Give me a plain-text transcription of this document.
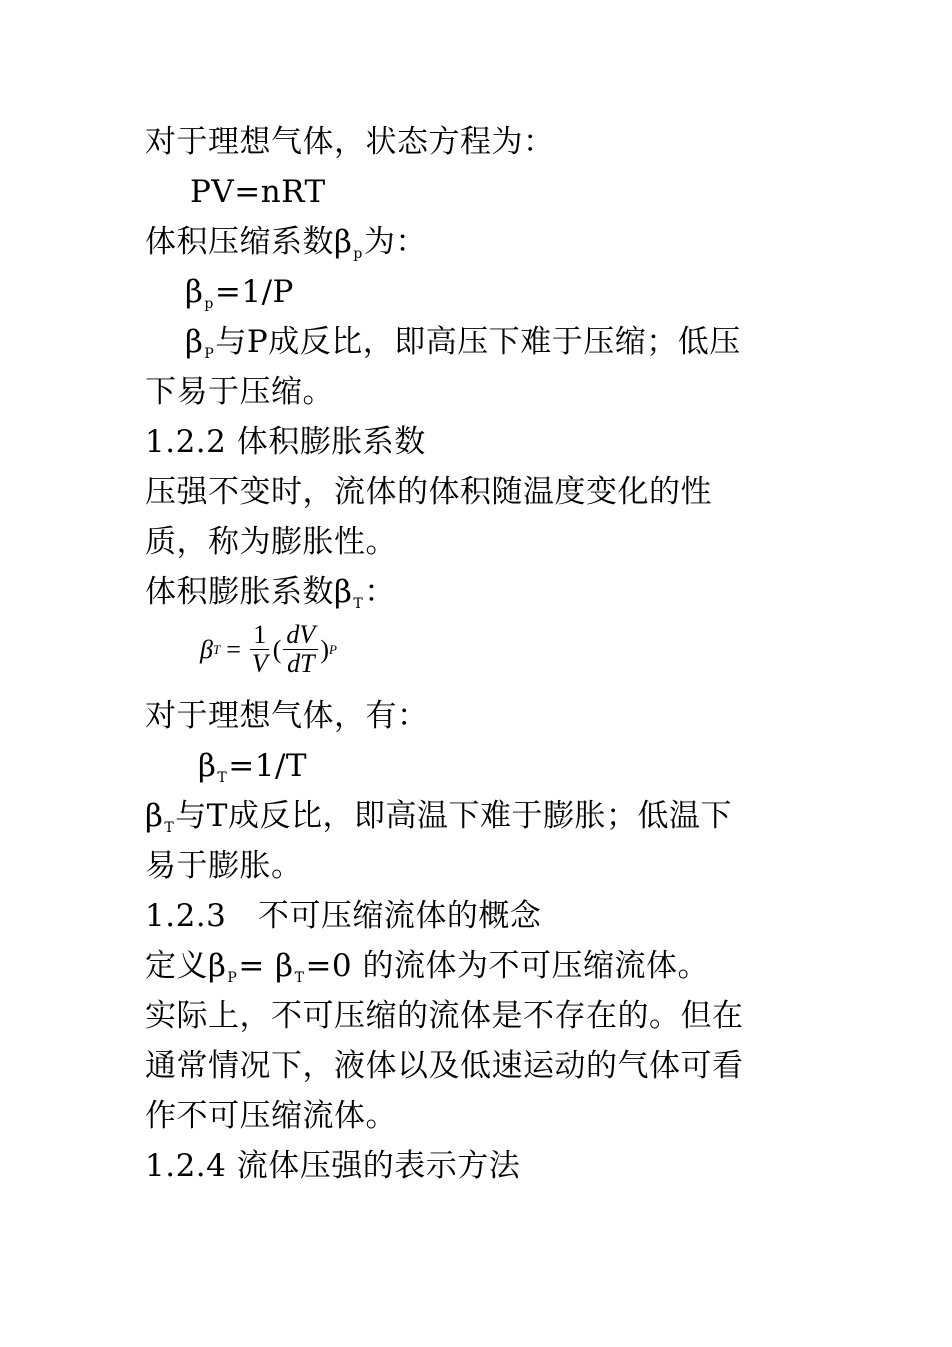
对于理想气体，状态方程为：
PV=nRT
体积压缩系数$\beta_p$为：
$\beta_p=1/P$
$\beta_P$与P成反比，即高压下难于压缩；低压
下易于压缩。
1.2.2 体积膨胀系数
压强不变时，流体的体积随温度变化的性
质，称为膨胀性。
体积膨胀系数$\beta_T$：
β $T = \frac{1}{V}$ ( $\frac{dV}{dT}$ ) P
对于理想气体，有：
$\beta_T=1/T$
$\beta_T$与T成反比，即高温下难于膨胀；低温下
易于膨胀。
1.2.3　不可压缩流体的概念
定义$\beta_P= \beta_T=0$ 的流体为不可压缩流体。
实际上，不可压缩的流体是不存在的。但在
通常情况下，液体以及低速运动的气体可看
作不可压缩流体。
1.2.4 流体压强的表示方法
